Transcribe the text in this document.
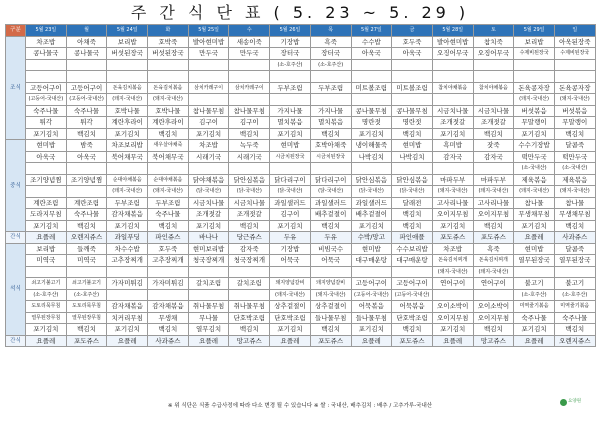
주 간 식 단 표 ( 5. 23 ~ 5. 29 )
구분	5월 23일	월	5월 24일	화	5월 25일	수	5월 26일	목	5월 27일	금	5월 28일	토	5월 29일	일
조식	차조밥	아채죽	보리밥	호박죽	발아현미밥	새송이죽	기장밥	흑죽	수수밥	호두죽	발아현미밥	참치죽	보리밥	아욱된장죽
	콩나물국	콩나물국	버섯된장국	버섯된장국	만두국	만두국	장터국	장터국	아욱국	아욱국	오징어무국	오징어무국	수제비된장국	수제비된장국
							(소-호주산)	(소-호주산)						

	고등어구이	고등어구이	돈육김치볶음	돈육김치볶음	삼치카레구이	삼치카레구이	두부조림	두부조림	미트볼조림	미트볼조림	참치야채볶음	참치야채볶음	돈육콩자장	돈육콩자장
	(고등어-국내산)	(고등어-국내산)	(돼지-국내산)	(돼지-국내산)									(돼지-국내산)	(돼지-국내산)
	숙주나물	숙주나물	호박나물	호박나물	참나물무침	참나물무침	가지나물	가지나물	콩나물무침	콩나물무침	시금치나물	시금치나물	버섯볶음	버섯볶음
	튀각	튀각	계란후라이	계란후라이	김구이	김구이	멸치볶음	멸치볶음	명란젓	명란젓	조개젓갈	조개젓갈	무말랭이	무말랭이
	포기김치	백김치	포기김치	백김치	포기김치	백김치	포기김치	백김치	포기김치	백김치	포기김치	백김치	포기김치	백김치
중식	현미밥	밤죽	차조보리밥	새우살야채죽	차조밥	녹두죽	현미밥	호박아채죽	냉이해물죽	현미밥	흑미밥	잣죽	수수기장밥	달콤죽
	아욱국	아욱국	북어채무국	북어채무국	시래기국	시래기국	시금치된장국	시금치된장국	나박김치	나박김치	감자국	감자국	떡만두국	떡만두국
													(소-국내산)	(소-국내산)
	조기양념찜	조기양념찜	순대야채볶음	순대야채볶음	닭야채볶음	닭안심볶음	닭다리구이	닭다리구이	닭안심볶음	닭안심볶음	마파두부	마파두부	제육볶음	제육볶음
			(돼지-국내산)	(돼지-국내산)	(닭-국내산)	(닭-국내산)	(닭-국내산)	(닭-국내산)	(닭-국내산)	(닭-국내산)	(돼지-국내산)	(돼지-국내산)	(돼지-국내산)	(돼지-국내산)
	계란조림	계란조림	두부조림	두부조림	시금치나물	시금치나물	과일샐러드	과일샐러드	과일샐러드	달래전	고사리나물	고사리나물	참나물	참나물
	도라지무침	숙주나물	감자채볶음	숙주나물	조개젓갈	조개젓갈	김구이	배추겉절이	배추겉절이	백김치	오이지무침	오이지무침	무생채무침	무생채무침
	포기김치	백김치	포기김치	백김치	포기김치	백김치	포기김치	백김치	포기김치	백김치	포기김치	백김치	포기김치	백김치
간식	요플레	오렌지쥬스	과일푸딩	파인쥬스	바나나	당근쥬스	두유	두유	수박/망고	파인애플	포도쥬스	포도쥬스	요플레	사과쥬스
석식	보리밥	들깨죽	차수수밥	호두죽	현미보리밥	감자죽	기장밥	비빔국수	현미밥	수수보리밥	차조밥	흑죽	현미밥	달콤죽
	미역국	미역국	고추장찌개	고추장찌개	청국장찌개	청국장찌개	어묵국	어묵국	대구매운탕	대구매운탕	돈육김치찌개	돈육김치찌개	열무된장국	열무된장국
											(돼지-국내산)	(돼지-국내산)		
	쇠고기불고기	쇠고기불고기	가자미튀김	가자미튀김	갈치조림	갈치조림	돼지양념갈비	돼지양념갈비	고등어구이	고등어구이	연어구이	연어구이	불고기	불고기
	(소-호주산)	(소-호주산)					(돼지-국내산)	(돼지-국내산)	(고등어-국내산)	(고등어-국내산)			(소-호주산)	(소-호주산)
	도토리묵무침	도토리묵무침	감자채볶음	감자채볶음	취나물무침	취나물무침	상추겉절이	상추겉절이	어묵볶음	어묵볶음	오이소박이	오이소박이	미역줄기볶음	미역줄기볶음
	열무된장무침	열무된장무침	치커리무침	무생채	무나물	단호박조림	단호박조림	들나물무침	들나물무침	단호박조림	오이지무침	오이지무침	숙주나물	숙주나물
	포기김치	백김치	포기김치	백김치	열무김치	백김치	포기김치	백김치	포기김치	백김치	포기김치	백김치	포기김치	백김치
간식	요플레	포도쥬스	요플레	사과쥬스	요플레	망고쥬스	요플레	포도쥬스	요플레	포도쥬스	요플레	망고쥬스	요플레	오렌지쥬스
※ 위 식단은 식품 수급사정에 따라 다소 변경 될 수 있습니다 ※ 쌀 : 국내산, 배추김치 : 배추 / 고추가루-국내산
요양원
